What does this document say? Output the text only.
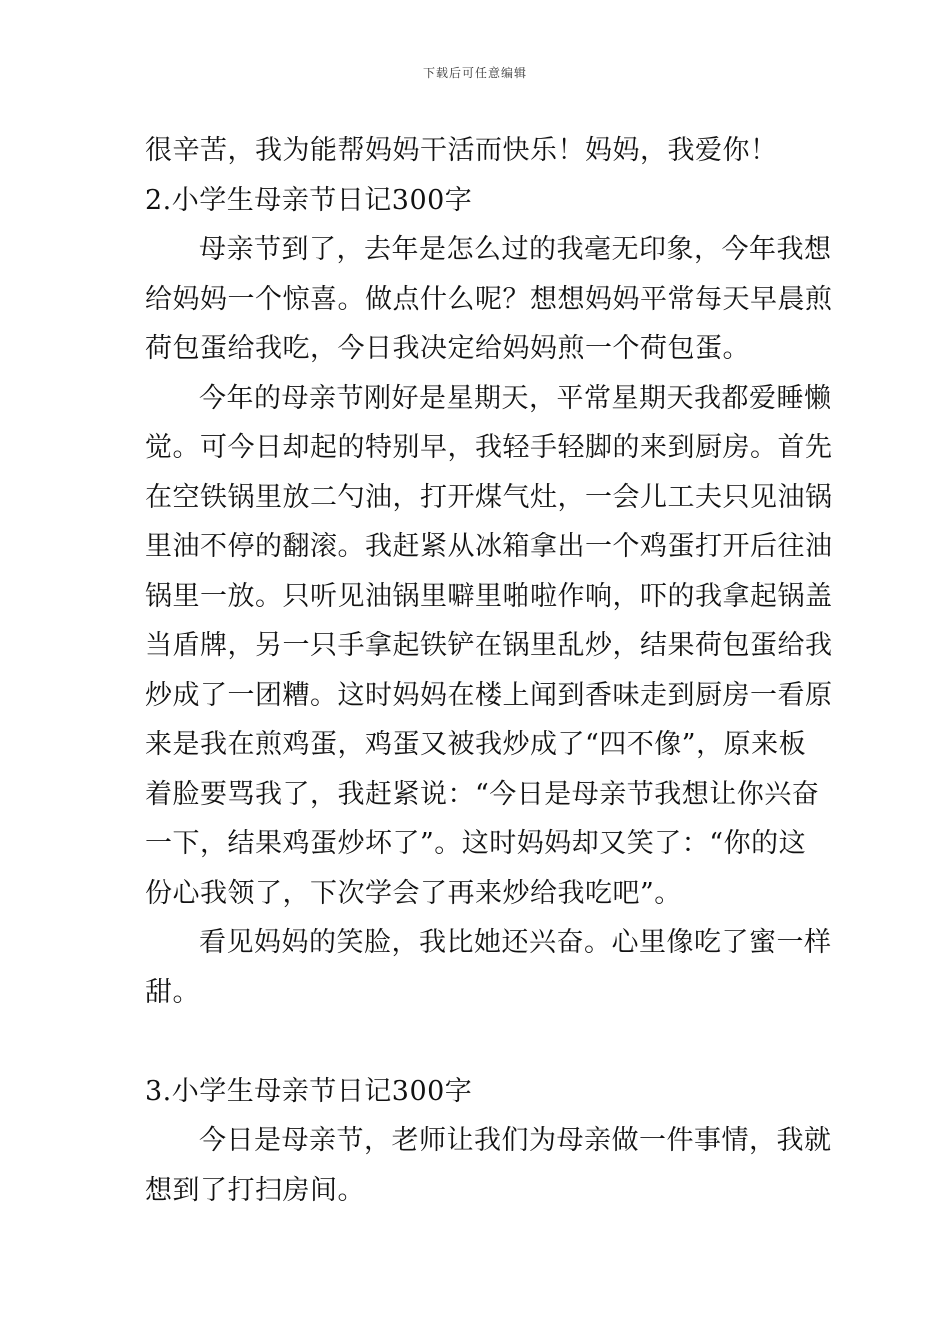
下载后可任意编辑
很辛苦，我为能帮妈妈干活而快乐！妈妈，我爱你！
2.小学生母亲节日记300字
母亲节到了，去年是怎么过的我毫无印象，今年我想
给妈妈一个惊喜。做点什么呢？想想妈妈平常每天早晨煎
荷包蛋给我吃，今日我决定给妈妈煎一个荷包蛋。
今年的母亲节刚好是星期天，平常星期天我都爱睡懒
觉。可今日却起的特别早，我轻手轻脚的来到厨房。首先
在空铁锅里放二勺油，打开煤气灶，一会儿工夫只见油锅
里油不停的翻滚。我赶紧从冰箱拿出一个鸡蛋打开后往油
锅里一放。只听见油锅里噼里啪啦作响，吓的我拿起锅盖
当盾牌，另一只手拿起铁铲在锅里乱炒，结果荷包蛋给我
炒成了一团糟。这时妈妈在楼上闻到香味走到厨房一看原
来是我在煎鸡蛋，鸡蛋又被我炒成了“四不像”，原来板
着脸要骂我了，我赶紧说：“今日是母亲节我想让你兴奋
一下，结果鸡蛋炒坏了”。这时妈妈却又笑了：“你的这
份心我领了，下次学会了再来炒给我吃吧”。
看见妈妈的笑脸，我比她还兴奋。心里像吃了蜜一样
甜。
3.小学生母亲节日记300字
今日是母亲节，老师让我们为母亲做一件事情，我就
想到了打扫房间。
